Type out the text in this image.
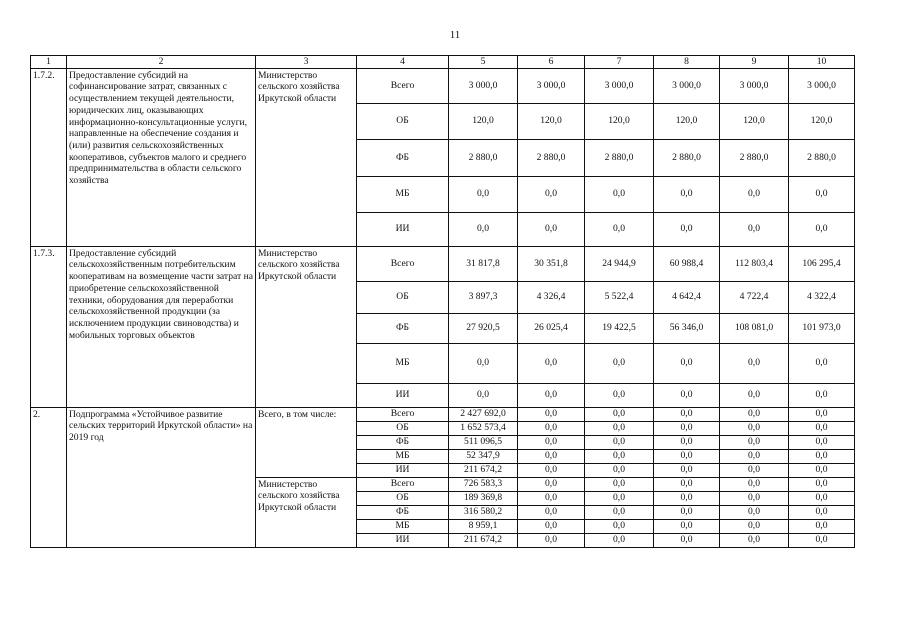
11
1	2	3	4	5	6	7	8	9	10
1.7.2.	Предоставление субсидий на софинансирование затрат, связанных с осуществлением текущей деятельности, юридических лиц, оказывающих информационно-консультационные услуги, направленные на обеспечение создания и (или) развития сельскохозяйственных кооперативов, субъектов малого и среднего предпринимательства в области сельского хозяйства	Министерство сельского хозяйства Иркутской области	Всего	3 000,0	3 000,0	3 000,0	3 000,0	3 000,0	3 000,0
			ОБ	120,0	120,0	120,0	120,0	120,0	120,0
			ФБ	2 880,0	2 880,0	2 880,0	2 880,0	2 880,0	2 880,0
			МБ	0,0	0,0	0,0	0,0	0,0	0,0
			ИИ	0,0	0,0	0,0	0,0	0,0	0,0
1.7.3.	Предоставление субсидий сельскохозяйственным потребительским кооперативам на возмещение части затрат на приобретение сельскохозяйственной техники, оборудования для переработки сельскохозяйственной продукции (за исключением продукции свиноводства) и мобильных торговых объектов	Министерство сельского хозяйства Иркутской области	Всего	31 817,8	30 351,8	24 944,9	60 988,4	112 803,4	106 295,4
			ОБ	3 897,3	4 326,4	5 522,4	4 642,4	4 722,4	4 322,4
			ФБ	27 920,5	26 025,4	19 422,5	56 346,0	108 081,0	101 973,0
			МБ	0,0	0,0	0,0	0,0	0,0	0,0
			ИИ	0,0	0,0	0,0	0,0	0,0	0,0
2.	Подпрограмма «Устойчивое развитие сельских территорий Иркутской области» на 2019 год	Всего, в том числе:	Всего	2 427 692,0	0,0	0,0	0,0	0,0	0,0
			ОБ	1 652 573,4	0,0	0,0	0,0	0,0	0,0
			ФБ	511 096,5	0,0	0,0	0,0	0,0	0,0
			МБ	52 347,9	0,0	0,0	0,0	0,0	0,0
			ИИ	211 674,2	0,0	0,0	0,0	0,0	0,0
		Министерство сельского хозяйства Иркутской области	Всего	726 583,3	0,0	0,0	0,0	0,0	0,0
			ОБ	189 369,8	0,0	0,0	0,0	0,0	0,0
			ФБ	316 580,2	0,0	0,0	0,0	0,0	0,0
			МБ	8 959,1	0,0	0,0	0,0	0,0	0,0
			ИИ	211 674,2	0,0	0,0	0,0	0,0	0,0
